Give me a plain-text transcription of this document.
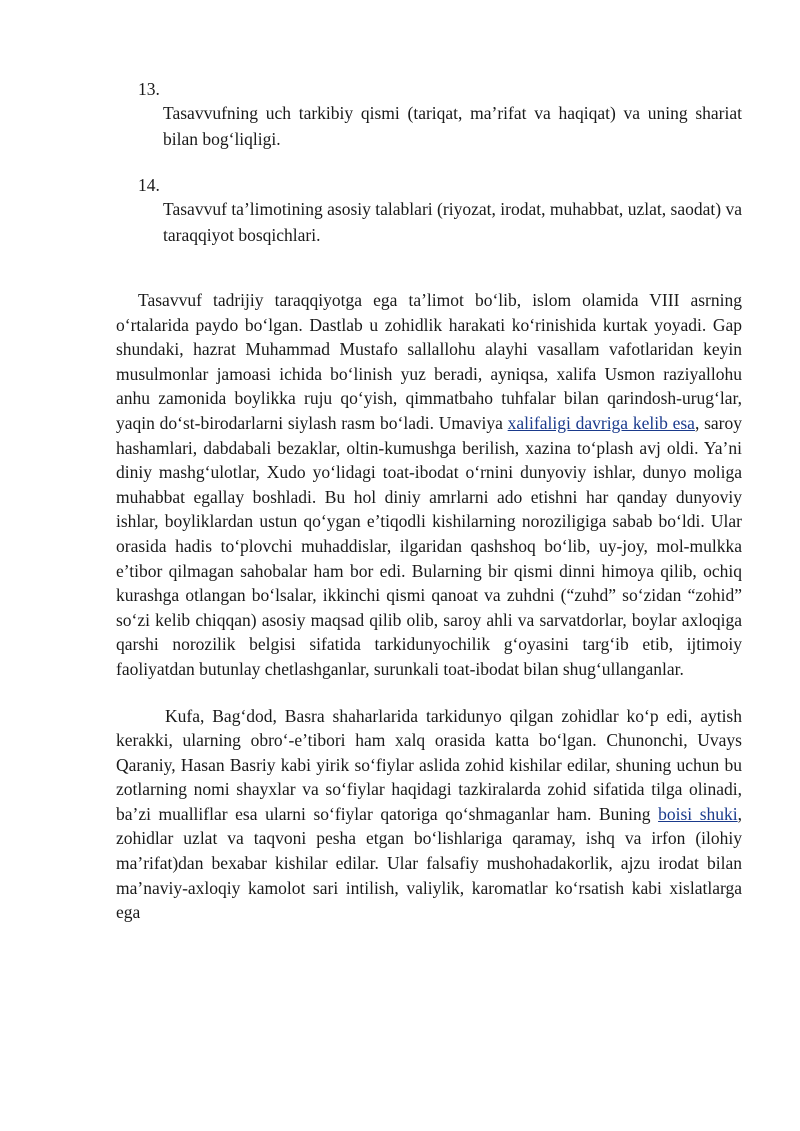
13.
Tasavvufning uch tarkibiy qismi (tariqat, ma’rifat va haqiqat) va uning shariat bilan bog‘liqligi.
14.
Tasavvuf ta’limotining asosiy talablari (riyozat, irodat, muhabbat, uzlat, saodat) va taraqqiyot bosqichlari.

Tasavvuf tadrijiy taraqqiyotga ega ta’limot bo‘lib, islom olamida VIII asrning o‘rtalarida paydo bo‘lgan. Dastlab u zohidlik harakati ko‘rinishida kurtak yoyadi. Gap shundaki, hazrat Muhammad Mustafo sallallohu alayhi vasallam vafotlaridan keyin musulmonlar jamoasi ichida bo‘linish yuz beradi, ayniqsa, xalifa Usmon raziyallohu anhu zamonida boylikka ruju qo‘yish, qimmatbaho tuhfalar bilan qarindosh-urug‘lar, yaqin do‘st-birodarlarni siylash rasm bo‘ladi. Umaviya xalifaligi davriga kelib esa, saroy hashamlari, dabdabali bezaklar, oltin-kumushga berilish, xazina to‘plash avj oldi. Ya’ni diniy mashg‘ulotlar, Xudo yo‘lidagi toat-ibodat o‘rnini dunyoviy ishlar, dunyo moliga muhabbat egallay boshladi. Bu hol diniy amrlarni ado etishni har qanday dunyoviy ishlar, boyliklardan ustun qo‘ygan e’tiqodli kishilarning noroziligiga sabab bo‘ldi. Ular orasida hadis to‘plovchi muhaddislar, ilgaridan qashshoq bo‘lib, uy-joy, mol-mulkka e’tibor qilmagan sahobalar ham bor edi. Bularning bir qismi dinni himoya qilib, ochiq kurashga otlangan bo‘lsalar, ikkinchi qismi qanoat va zuhdni (“zuhd” so‘zidan “zohid” so‘zi kelib chiqqan) asosiy maqsad qilib olib, saroy ahli va sarvatdorlar, boylar axloqiga qarshi norozilik belgisi sifatida tarkidunyochilik g‘oyasini targ‘ib etib, ijtimoiy faoliyatdan butunlay chetlashganlar, surunkali toat-ibodat bilan shug‘ullanganlar.

Kufa, Bag‘dod, Basra shaharlarida tarkidunyo qilgan zohidlar ko‘p edi, aytish kerakki, ularning obro‘-e’tibori ham xalq orasida katta bo‘lgan. Chunonchi, Uvays Qaraniy, Hasan Basriy kabi yirik so‘fiylar aslida zohid kishilar edilar, shuning uchun bu zotlarning nomi shayxlar va so‘fiylar haqidagi tazkiralarda zohid sifatida tilga olinadi, ba’zi mualliflar esa ularni so‘fiylar qatoriga qo‘shmaganlar ham. Buning boisi shuki, zohidlar uzlat va taqvoni pesha etgan bo‘lishlariga qaramay, ishq va irfon (ilohiy ma’rifat)dan bexabar kishilar edilar. Ular falsafiy mushohadakorlik, ajzu irodat bilan ma’naviy-axloqiy kamolot sari intilish, valiylik, karomatlar ko‘rsatish kabi xislatlarga ega
